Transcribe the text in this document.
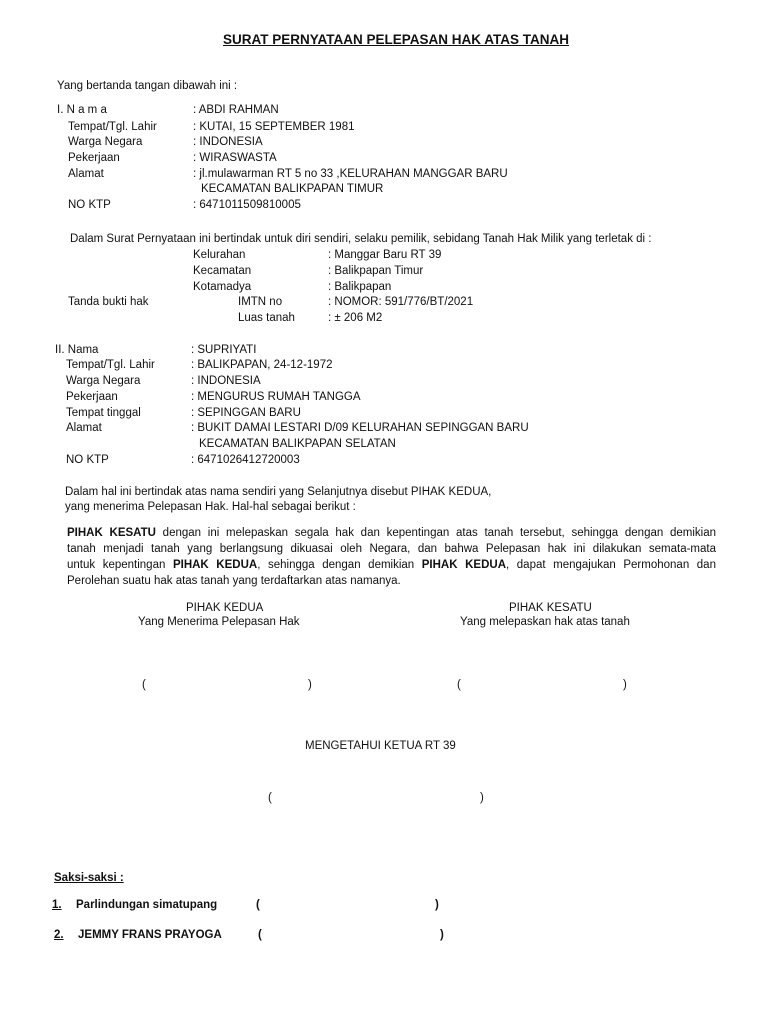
SURAT PERNYATAAN PELEPASAN HAK ATAS TANAH
Yang bertanda tangan dibawah ini :
I. N a m a	: ABDI RAHMAN
Tempat/Tgl. Lahir	: KUTAI, 15 SEPTEMBER 1981
Warga Negara	: INDONESIA
Pekerjaan	: WIRASWASTA
Alamat	: jl.mulawarman RT 5 no 33 ,KELURAHAN MANGGAR BARU
KECAMATAN BALIKPAPAN TIMUR
NO KTP	: 6471011509810005
Dalam Surat Pernyataan ini bertindak untuk diri sendiri, selaku pemilik, sebidang Tanah Hak Milik yang terletak di :
Kelurahan	: Manggar Baru RT 39
Kecamatan	: Balikpapan Timur
Kotamadya	: Balikpapan
Tanda bukti hak	IMTN no	: NOMOR: 591/776/BT/2021
Luas tanah	: ± 206 M2
II. Nama	: SUPRIYATI
Tempat/Tgl. Lahir	: BALIKPAPAN, 24-12-1972
Warga Negara	: INDONESIA
Pekerjaan	: MENGURUS RUMAH TANGGA
Tempat tinggal	: SEPINGGAN BARU
Alamat	: BUKIT DAMAI LESTARI D/09 KELURAHAN SEPINGGAN BARU
KECAMATAN BALIKPAPAN SELATAN
NO KTP	: 6471026412720003
Dalam hal ini bertindak atas nama sendiri yang Selanjutnya disebut PIHAK KEDUA,
yang menerima Pelepasan Hak. Hal-hal sebagai berikut :
PIHAK KESATU dengan ini melepaskan segala hak dan kepentingan atas tanah tersebut, sehingga dengan demikian
tanah menjadi tanah yang berlangsung dikuasai oleh Negara, dan bahwa Pelepasan hak ini dilakukan semata-mata
untuk kepentingan PIHAK KEDUA, sehingga dengan demikian PIHAK KEDUA, dapat mengajukan Permohonan dan
Perolehan suatu hak atas tanah yang terdaftarkan atas namanya.
PIHAK KEDUA
Yang Menerima Pelepasan Hak
PIHAK KESATU
Yang melepaskan hak atas tanah
(	)	(	)
MENGETAHUI KETUA RT 39
(	)
Saksi-saksi :
1. Parlindungan simatupang	(	)
2. JEMMY FRANS PRAYOGA	(	)
